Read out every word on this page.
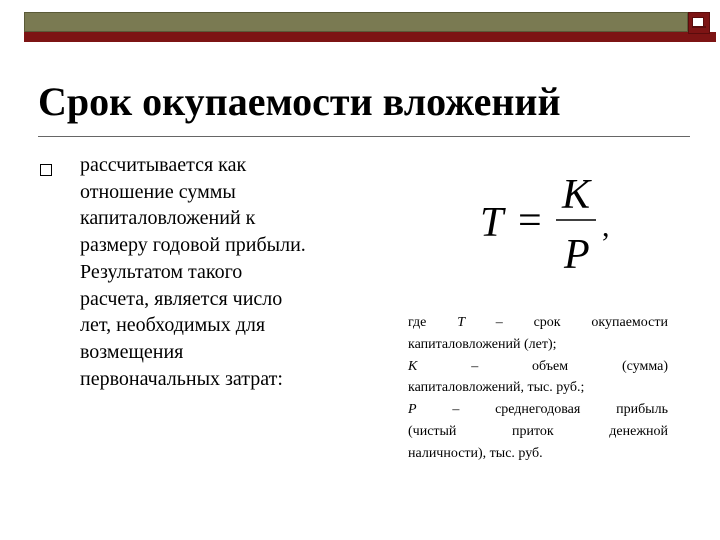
Срок окупаемости вложений
рассчитывается как
отношение суммы
капиталовложений к
размеру годовой прибыли.
Результатом такого
расчета, является число
лет, необходимых для
возмещения
первоначальных затрат:
T =
K
P
,
где T – срок окупаемости
капиталовложений (лет);
K	–	объем	(сумма)
капиталовложений, тыс. руб.;
P	–	среднегодовая	прибыль
(чистый	приток	денежной
наличности), тыс. руб.
